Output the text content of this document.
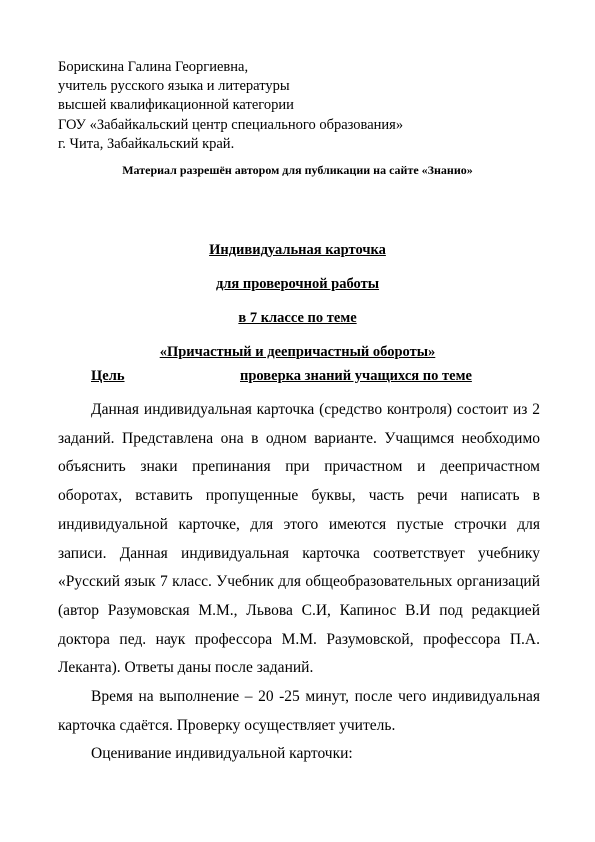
Борискина Галина Георгиевна,
учитель русского языка и литературы
высшей квалификационной категории
ГОУ «Забайкальский центр специального образования»
г. Чита, Забайкальский край.
Материал разрешён автором для публикации на сайте «Знанио»
Индивидуальная карточка
для проверочной работы
в 7 классе по теме
«Причастный и деепричастный обороты»
Цель	проверка знаний учащихся по теме

Данная индивидуальная карточка (средство контроля) состоит из 2 заданий. Представлена она в одном варианте. Учащимся необходимо объяснить знаки препинания при причастном и деепричастном оборотах, вставить пропущенные буквы, часть речи написать в индивидуальной карточке, для этого имеются пустые строчки для записи. Данная индивидуальная карточка соответствует учебнику «Русский язык 7 класс. Учебник для общеобразовательных организаций (автор Разумовская М.М., Львова С.И, Капинос В.И под редакцией доктора пед. наук профессора М.М. Разумовской, профессора П.А. Леканта). Ответы даны после заданий.

Время на выполнение – 20 -25 минут, после чего индивидуальная карточка сдаётся. Проверку осуществляет учитель.

Оценивание индивидуальной карточки:
